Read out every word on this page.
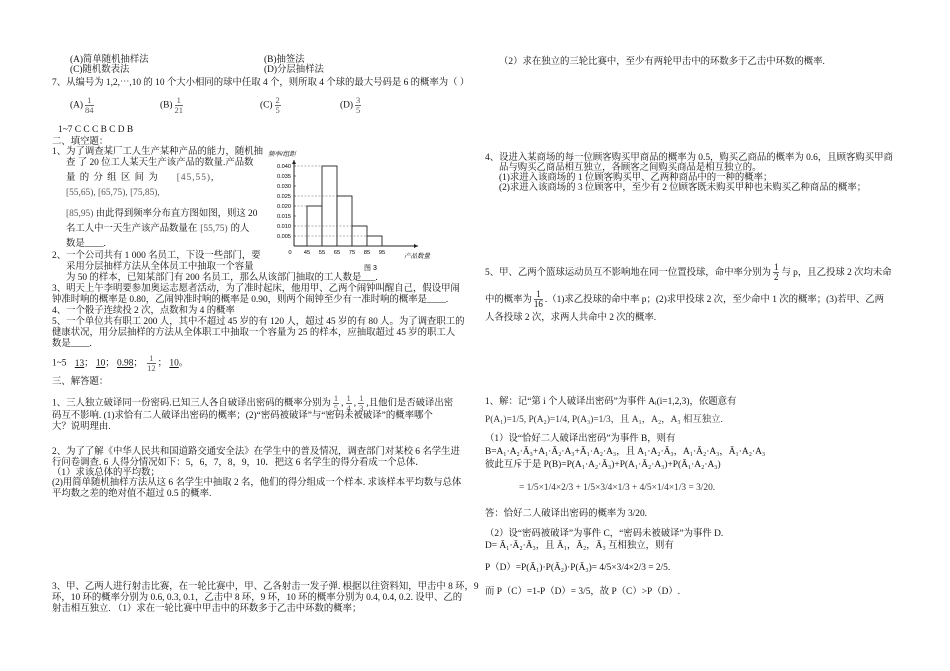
(A)简单随机抽样法	(B)抽签法
(C)随机数表法	(D)分层抽样法
7、从编号为 1,2,⋯,10 的 10 个大小相同的球中任取 4 个，则所取 4 个球的最大号码是 6 的概率为（ ）
$(A) \frac{1}{84}$	$(B) \frac{1}{21}$	$(C) \frac{2}{5}$	$(D) \frac{3}{5}$
1~7 C C C B C D B
二、填空题：
1、为了调查某厂工人生产某种产品的能力，随机抽
查 了 20 位工人某天生产该产品的数量.产品数
量 的 分 组 区 间 为 [45,55),
[55,65), [65,75), [75,85),
[85,95) 由此得到频率分布直方图如图，则这 20
名工人中一天生产该产品数量在 [55,75) 的人
数是____.
2、一个公司共有 1 000 名员工，下设一些部门，要
采用分层抽样方法从全体员工中抽取一个容量
为 50 的样本，已知某部门有 200 名员工，那么从该部门抽取的工人数是___.
3、明天上午李明要参加奥运志愿者活动，为了准时起床，他用甲、乙两个闹钟叫醒自己，假设甲闹
钟准时响的概率是 0.80，乙闹钟准时响的概率是 0.90，则两个闹钟至少有一准时响的概率是____.
4、一个骰子连续投 2 次，点数和为 4 的概率
5、一个单位共有职工 200 人，其中不超过 45 岁的有 120 人，超过 45 岁的有 80 人。为了调查职工的
健康状况，用分层抽样的方法从全体职工中抽取一个容量为 25 的样本，应抽取超过 45 岁的职工人
数是____.
1~5 13； 10； 0.98； $\frac{1}{12}$ ； 10。
三、解答题：
1、三人独立破译同一份密码.已知三人各自破译出密码的概率分别为 $\frac{1}{5}$ , $\frac{1}{4}$ , $\frac{1}{3}$ ,且他们是否破译出密
码互不影响. (1)求恰有二人破译出密码的概率；(2)“密码被破译”与“密码未被破译”的概率哪个
大？说明理由.
2、为了了解《中华人民共和国道路交通安全法》在学生中的普及情况，调查部门对某校 6 名学生进
行问卷调查. 6 人得分情况如下：5，6，7，8，9，10．把这 6 名学生的得分看成一个总体．
（1）求该总体的平均数；
(2)用简单随机抽样方法从这 6 名学生中抽取 2 名，他们的得分组成一个样本. 求该样本平均数与总体
平均数之差的绝对值不超过 0.5 的概率.
3、甲、乙两人进行射击比赛，在一轮比赛中，甲、乙各射击一发子弹. 根据以往资料知，甲击中 8 环，9
环，10 环的概率分别为 0.6, 0.3, 0.1，乙击中 8 环，9 环，10 环的概率分别为 0.4, 0.4, 0.2. 设甲、乙的
射击相互独立. （1）求在一轮比赛中甲击中的环数多于乙击中环数的概率；
频率/组距
产品数量
图 3
0.040
0.035
0.030
0.025
0.020
0.015
0.010
0.005
0 45 55 65 75 85 95
（2）求在独立的三轮比赛中，至少有两轮甲击中的环数多于乙击中环数的概率.
4、设进入某商场的每一位顾客购买甲商品的概率为 0.5，购买乙商品的概率为 0.6，且顾客购买甲商
品与购买乙商品相互独立，各顾客之间购买商品是相互独立的。
(1)求进入该商场的 1 位顾客购买甲、乙两种商品中的一种的概率；
(2)求进入该商场的 3 位顾客中，至少有 2 位顾客既未购买甲种也未购买乙种商品的概率；
5、甲、乙两个篮球运动员互不影响地在同一位置投球，命中率分别为 $\frac{1}{2}$ 与 p，且乙投球 2 次均未命
中的概率为 $\frac{1}{16} .(1)$求乙投球的命中率 p；(2)求甲投球 2 次，至少命中 1 次的概率；(3)若甲、乙两
人各投球 2 次，求两人共命中 2 次的概率.
1、解：记“第 i 个人破译出密码”为事件 Aᵢ(i=1,2,3)，依题意有
P(A₁)=1/5, P(A₂)=1/4, P(A₃)=1/3，且 A₁，A₂，A₃ 相互独立.
（1）设“恰好二人破译出密码”为事件 B，则有
B=A₁·A₂·Ā₃+A₁·Ā₂·A₃+Ā₁·A₂·A₃，且 A₁·A₂·Ā₃，A₁·Ā₂·A₃，Ā₁·A₂·A₃
彼此互斥于是 P(B)=P(A₁·A₂·Ā₃)+P(A₁·Ā₂·A₃)+P(Ā₁·A₂·A₃)
= 1/5×1/4×2/3 + 1/5×3/4×1/3 + 4/5×1/4×1/3 = 3/20.
答：恰好二人破译出密码的概率为 3/20.
（2）设“密码被破译”为事件 C，“密码未被破译”为事件 D.
D= Ā₁·Ā₂·Ā₃，且 Ā₁，Ā₂，Ā₃ 互相独立，则有
P（D）=P(Ā₁)·P(Ā₂)·P(Ā₃)= 4/5×3/4×2/3 = 2/5.
而 P（C）=1-P（D）= 3/5，故 P（C）>P（D）.
